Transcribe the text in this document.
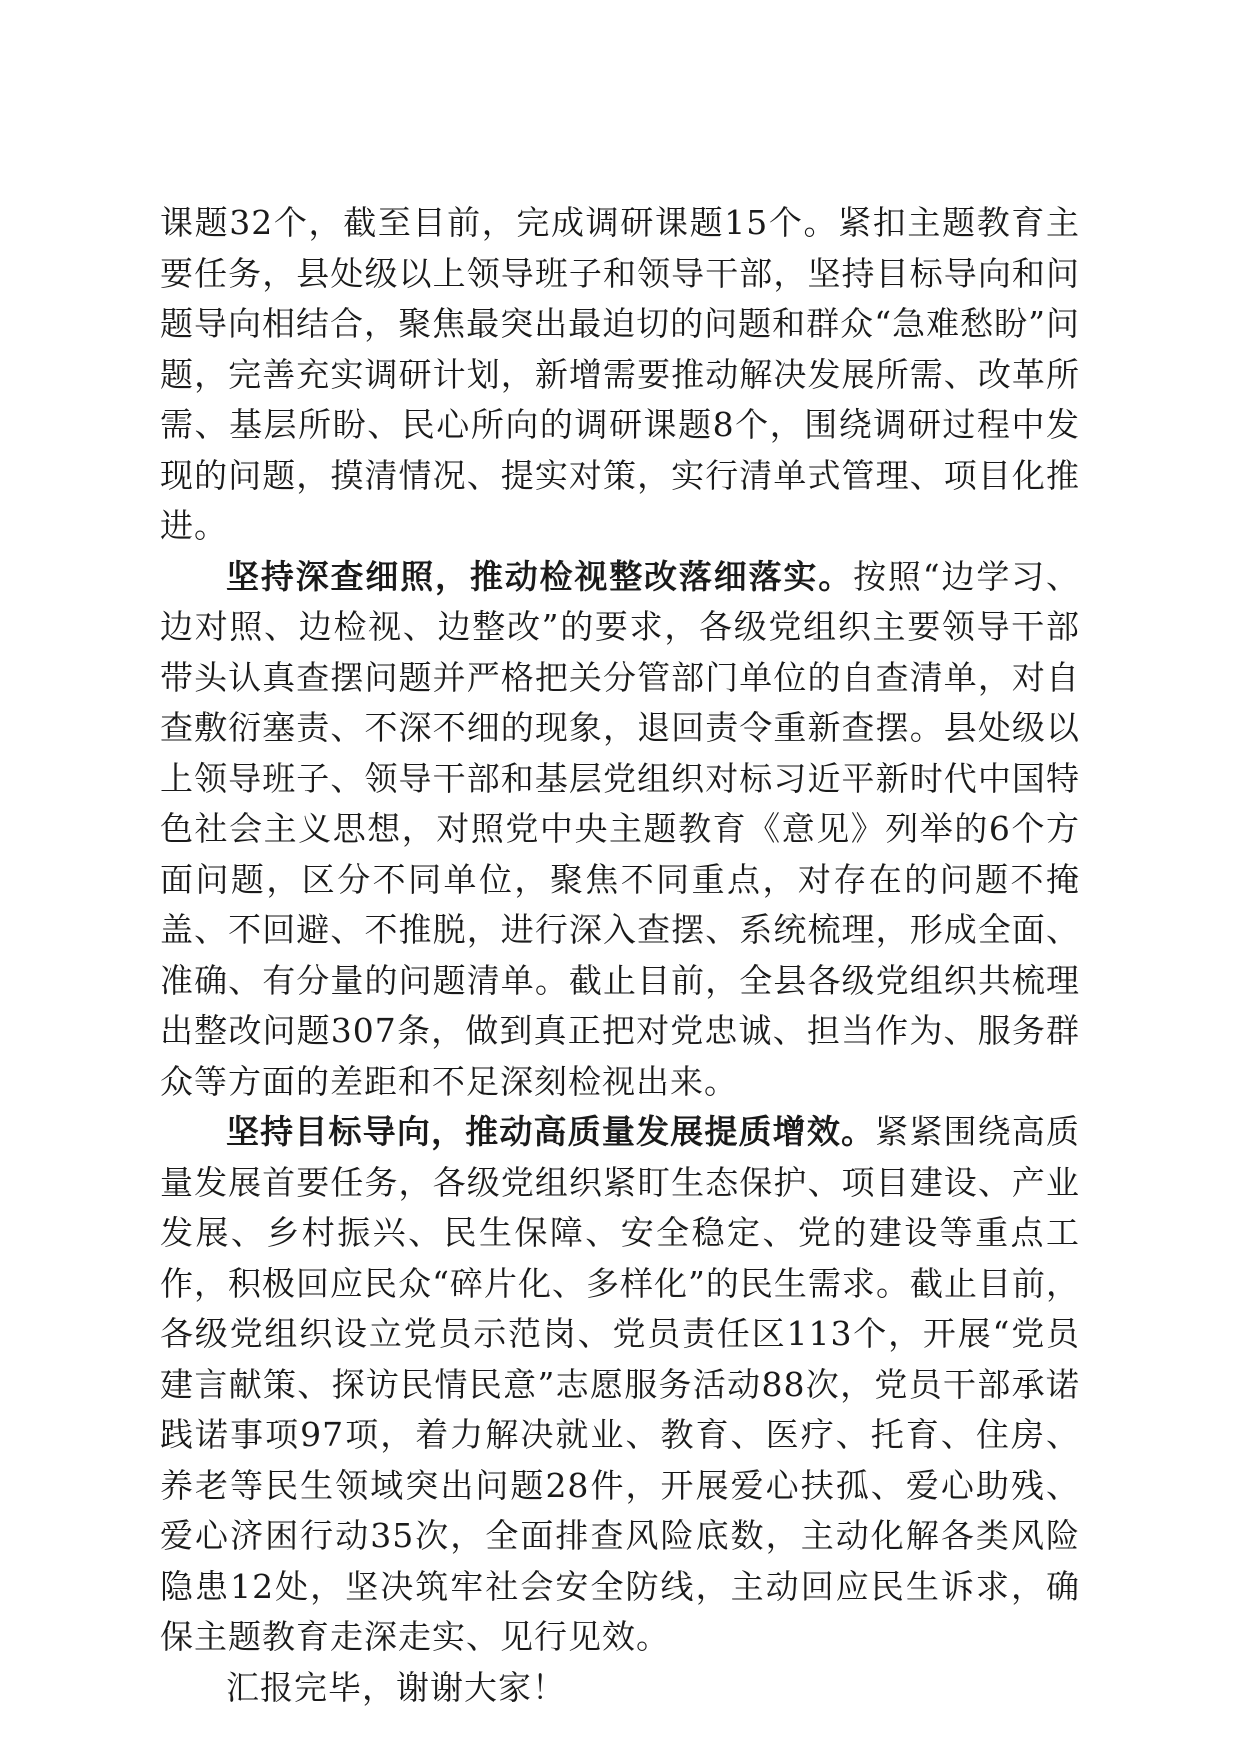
课题32个，截至目前，完成调研课题15个。紧扣主题教育主要任务，县处级以上领导班子和领导干部，坚持目标导向和问题导向相结合，聚焦最突出最迫切的问题和群众“急难愁盼”问题，完善充实调研计划，新增需要推动解决发展所需、改革所需、基层所盼、民心所向的调研课题8个，围绕调研过程中发现的问题，摸清情况、提实对策，实行清单式管理、项目化推进。

坚持深查细照，推动检视整改落细落实。按照“边学习、边对照、边检视、边整改”的要求，各级党组织主要领导干部带头认真查摆问题并严格把关分管部门单位的自查清单，对自查敷衍塞责、不深不细的现象，退回责令重新查摆。县处级以上领导班子、领导干部和基层党组织对标习近平新时代中国特色社会主义思想，对照党中央主题教育《意见》列举的6个方面问题，区分不同单位，聚焦不同重点，对存在的问题不掩盖、不回避、不推脱，进行深入查摆、系统梳理，形成全面、准确、有分量的问题清单。截止目前，全县各级党组织共梳理出整改问题307条，做到真正把对党忠诚、担当作为、服务群众等方面的差距和不足深刻检视出来。

坚持目标导向，推动高质量发展提质增效。紧紧围绕高质量发展首要任务，各级党组织紧盯生态保护、项目建设、产业发展、乡村振兴、民生保障、安全稳定、党的建设等重点工作，积极回应民众“碎片化、多样化”的民生需求。截止目前，各级党组织设立党员示范岗、党员责任区113个，开展“党员建言献策、探访民情民意”志愿服务活动88次，党员干部承诺践诺事项97项，着力解决就业、教育、医疗、托育、住房、养老等民生领域突出问题28件，开展爱心扶孤、爱心助残、爱心济困行动35次，全面排查风险底数，主动化解各类风险隐患12处，坚决筑牢社会安全防线，主动回应民生诉求，确保主题教育走深走实、见行见效。

汇报完毕，谢谢大家！
